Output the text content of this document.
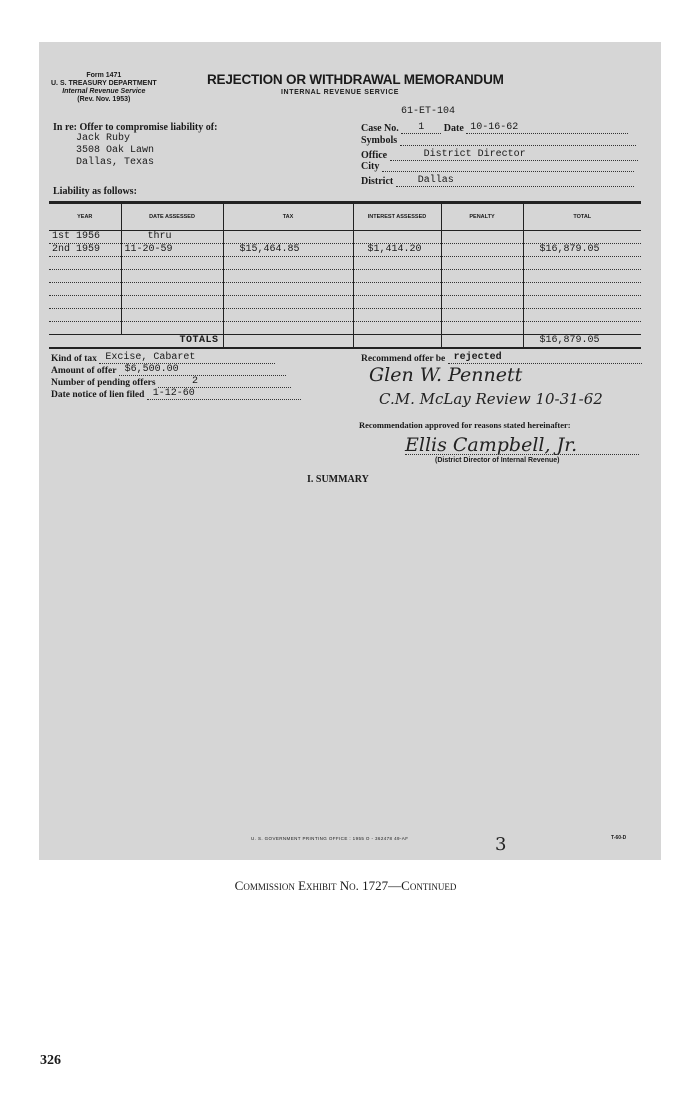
Form 1471
U. S. TREASURY DEPARTMENT
Internal Revenue Service
(Rev. Nov. 1953)
REJECTION OR WITHDRAWAL MEMORANDUM
INTERNAL REVENUE SERVICE
61-ET-104
In re: Offer to compromise liability of:
Jack Ruby
3508 Oak Lawn
Dallas, Texas
Case No. 1 Date 10-16-62
Symbols
Office	District Director
City
District Dallas
Liability as follows:
YEAR	DATE ASSESSED	TAX	INTEREST ASSESSED	PENALTY	TOTAL
1st 1956	thru				
2nd 1959	11-20-59	$15,464.85	$1,414.20		$16,879.05

TOTALS					$16,879.05
Kind of tax Excise, Cabaret
Amount of offer $6,500.00
Number of pending offers	2
Date notice of lien filed 1-12-60
Recommend offer be rejected
Glen W. Pennett
C.M. McLay Review 10-31-62
Recommendation approved for reasons stated hereinafter:
Ellis Campbell, Jr.
(District Director of Internal Revenue)
I. SUMMARY
U. S. GOVERNMENT PRINTING OFFICE : 1955 O - 362478 49-AF	T-60-D
3
Commission Exhibit No. 1727—Continued
326
